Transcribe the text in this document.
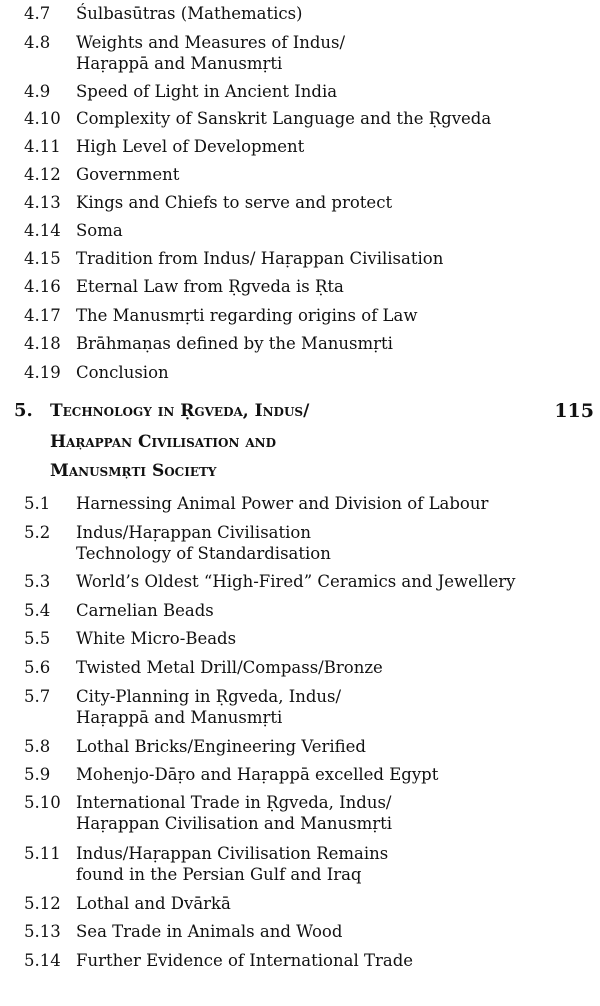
4.7 Śulbasūtras (Mathematics)
4.8 Weights and Measures of Indus/
Haṛappā and Manusmṛti
4.9 Speed of Light in Ancient India
4.10 Complexity of Sanskrit Language and the Ṛgveda
4.11 High Level of Development
4.12 Government
4.13 Kings and Chiefs to serve and protect
4.14 Soma
4.15 Tradition from Indus/ Haṛappan Civilisation
4.16 Eternal Law from Ṛgveda is Ṛta
4.17 The Manusmṛti regarding origins of Law
4.18 Brāhmaṇas defined by the Manusmṛti
4.19 Conclusion
5. Technology in Ṛgveda, Indus/
Haṛappan Civilisation and
Manusmṛti Society
115
5.1 Harnessing Animal Power and Division of Labour
5.2 Indus/Haṛappan Civilisation
Technology of Standardisation
5.3 World’s Oldest “High-Fired” Ceramics and Jewellery
5.4 Carnelian Beads
5.5 White Micro-Beads
5.6 Twisted Metal Drill/Compass/Bronze
5.7 City-Planning in Ṛgveda, Indus/
Haṛappā and Manusmṛti
5.8 Lothal Bricks/Engineering Verified
5.9 Mohenjo-Dāṛo and Haṛappā excelled Egypt
5.10 International Trade in Ṛgveda, Indus/
Haṛappan Civilisation and Manusmṛti
5.11 Indus/Haṛappan Civilisation Remains
found in the Persian Gulf and Iraq
5.12 Lothal and Dvārkā
5.13 Sea Trade in Animals and Wood
5.14 Further Evidence of International Trade
